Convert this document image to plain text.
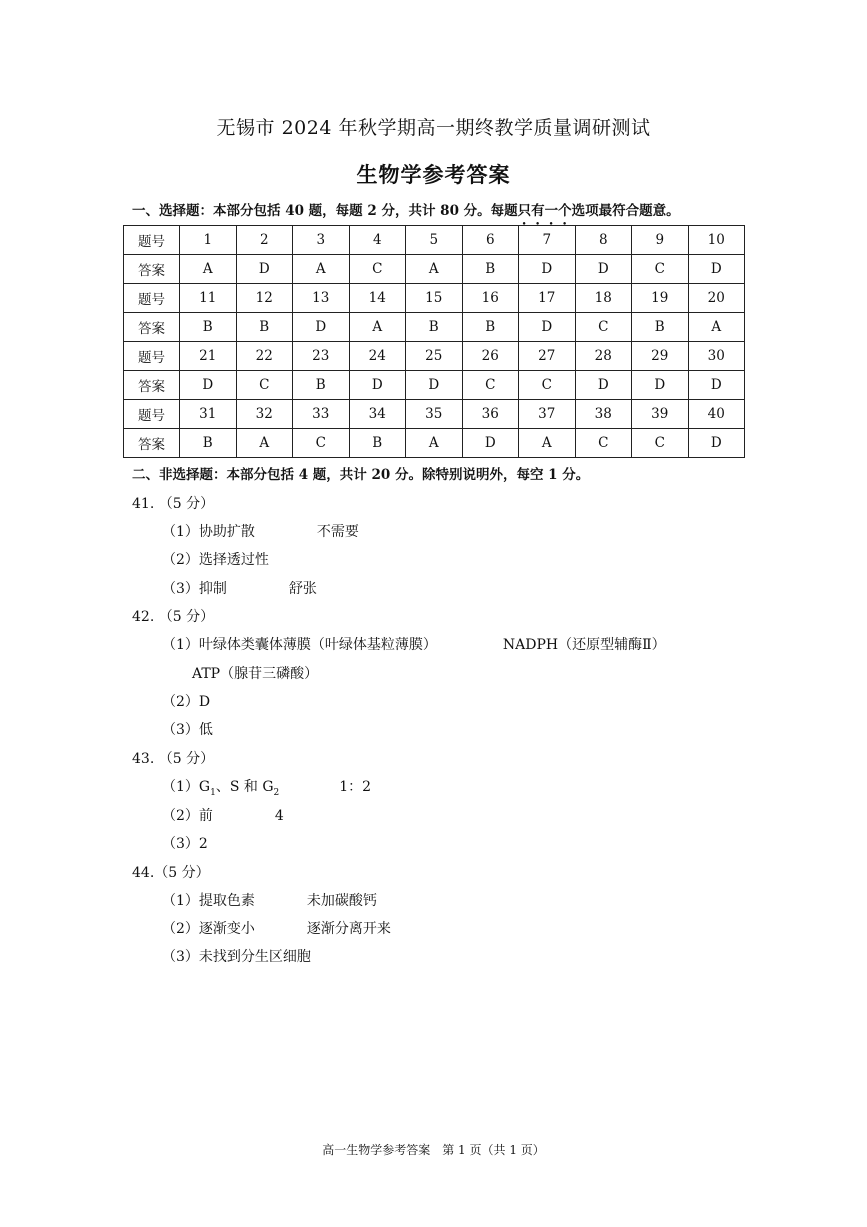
无锡市 2024 年秋学期高一期终教学质量调研测试
生物学参考答案
一、选择题：本部分包括 40 题，每题 2 分，共计 80 分。每题只有一个选项最符合题意。
题号	1	2	3	4	5	6	7	8	9	10
答案	A	D	A	C	A	B	D	D	C	D
题号	11	12	13	14	15	16	17	18	19	20
答案	B	B	D	A	B	B	D	C	B	A
题号	21	22	23	24	25	26	27	28	29	30
答案	D	C	B	D	D	C	C	D	D	D
题号	31	32	33	34	35	36	37	38	39	40
答案	B	A	C	B	A	D	A	C	C	D
二、非选择题：本部分包括 4 题，共计 20 分。除特别说明外，每空 1 分。
41. （5 分）
（1）协助扩散	不需要
（2）选择透过性
（3）抑制	舒张
42. （5 分）
（1）叶绿体类囊体薄膜（叶绿体基粒薄膜）	NADPH（还原型辅酶Ⅱ）
ATP（腺苷三磷酸）
（2）D
（3）低
43. （5 分）
$(1)G_1$、S 和 $G_2$	1：2
（2）前	4
（3）2
44.（5 分）
（1）提取色素	未加碳酸钙
（2）逐渐变小	逐渐分离开来
（3）未找到分生区细胞
高一生物学参考答案　第 1 页（共 1 页）
